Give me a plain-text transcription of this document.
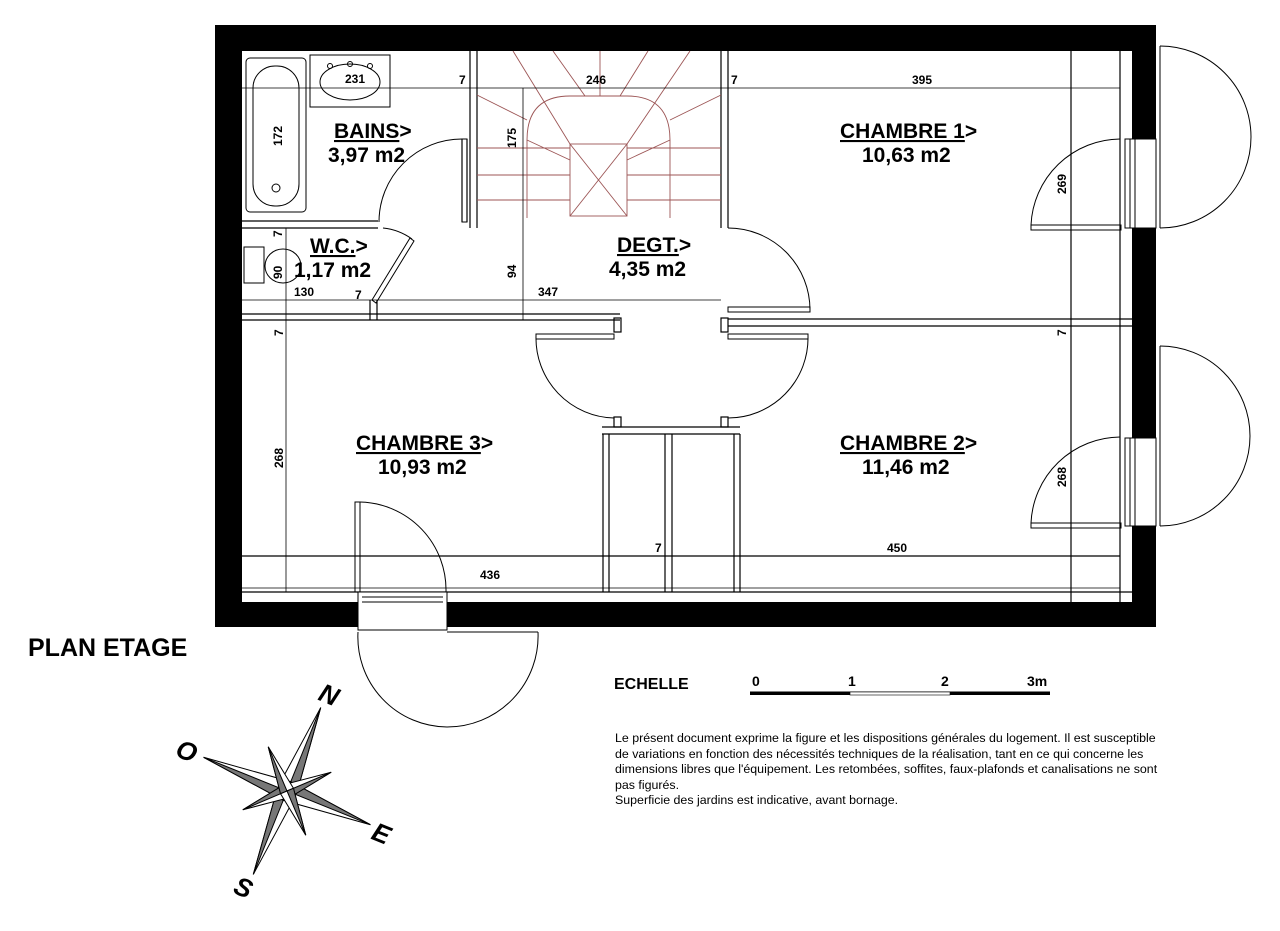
231	7	246	7	395
172	175
269
7
90	94
130	7	347
7	7
268
268
7	450
436
BAINS>
3,97 m2
W.C.>
1,17 m2
DEGT.>
4,35 m2
CHAMBRE 1>
10,63 m2
CHAMBRE 2>
11,46 m2
CHAMBRE 3>
10,93 m2
0	1	2	3m
N
E
S
O
PLAN ETAGE
ECHELLE

Le présent document exprime la figure et les dispositions générales du logement. Il est susceptible

de variations en fonction des nécessités techniques de la réalisation, tant en ce qui concerne les

dimensions libres que l'équipement. Les retombées, soffites, faux-plafonds et canalisations ne sont

pas figurés.

Superficie des jardins est indicative, avant bornage.
